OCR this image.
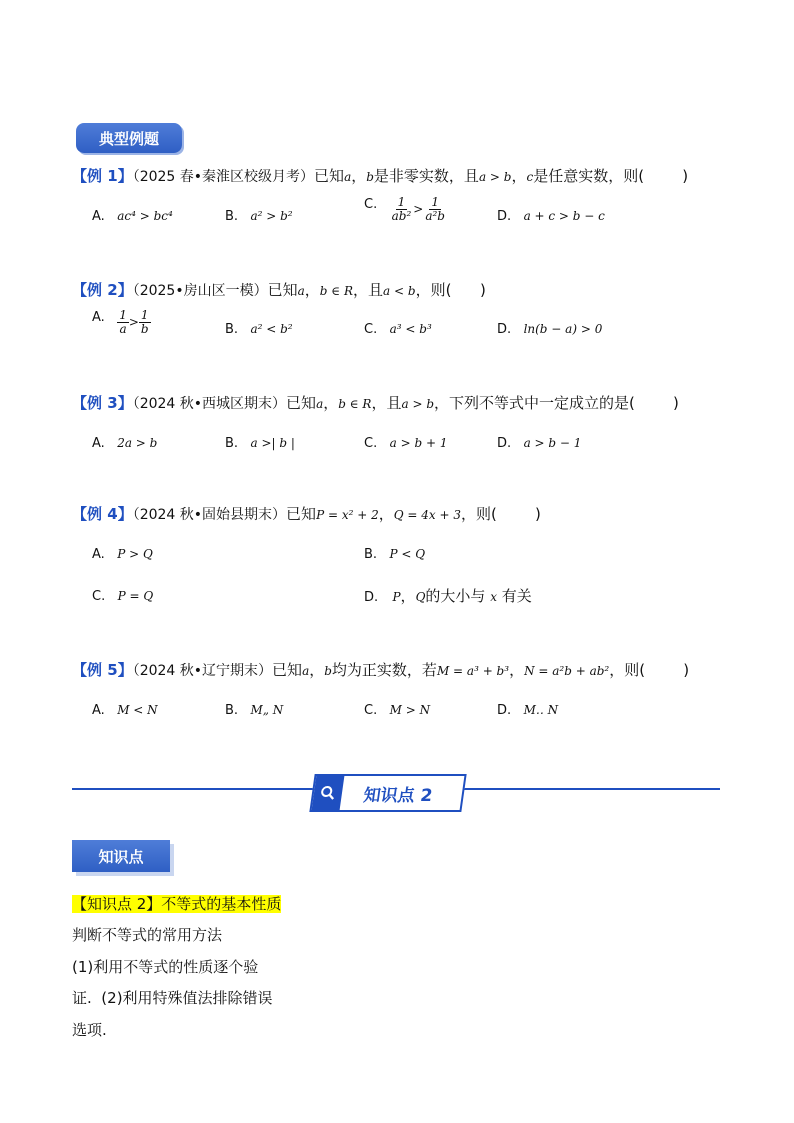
典型例题
【例 1】（2025 春•秦淮区校级月考）已知a，b是非零实数，且a > b，c是任意实数，则(        )
A. ac⁴ > bc⁴	B. a² > b²
C. $\frac{1}{\text{ab²}} > \frac{1}{\text{a²b}}$	D. a + c > b − c
【例 2】（2025•房山区一模）已知a，b ∈ R，且a < b，则(      )
A. $\frac{1}{a} > \frac{1}{b}$	B. a² < b²	C. a³ < b³	D. ln(b − a) > 0
【例 3】（2024 秋•西城区期末）已知a，b ∈ R，且a > b，下列不等式中一定成立的是(        )
A. 2a > b	B. a >| b |	C. a > b + 1	D. a > b − 1
【例 4】（2024 秋•固始县期末）已知P = x² + 2，Q = 4x + 3，则(        )
A. P > Q	B. P < Q
C. P = Q	D. P，Q的大小与 x 有关
【例 5】（2024 秋•辽宁期末）已知a，b均为正实数，若M = a³ + b³，N = a²b + ab²，则(        )
A. M < N	B. M„ N	C. M > N	D. M‥ N
知识点 2
知识点
【知识点 2】不等式的基本性质
判断不等式的常用方法
(1)利用不等式的性质逐个验
证.  (2)利用特殊值法排除错误
选项.
